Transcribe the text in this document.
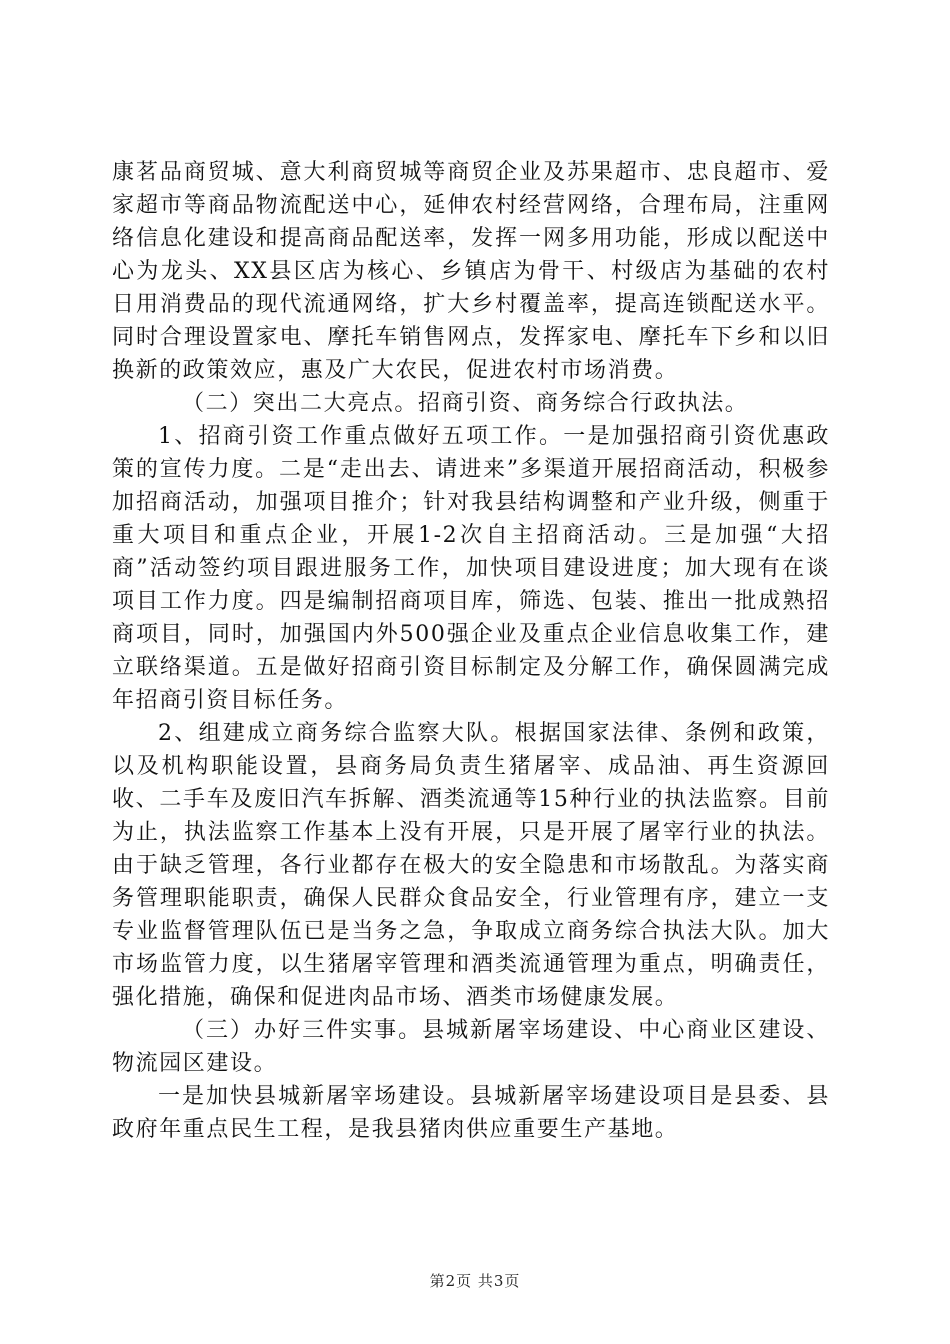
康茗品商贸城、意大利商贸城等商贸企业及苏果超市、忠良超市、爱家超市等商品物流配送中心，延伸农村经营网络，合理布局，注重网络信息化建设和提高商品配送率，发挥一网多用功能，形成以配送中心为龙头、XX县区店为核心、乡镇店为骨干、村级店为基础的农村日用消费品的现代流通网络，扩大乡村覆盖率，提高连锁配送水平。同时合理设置家电、摩托车销售网点，发挥家电、摩托车下乡和以旧换新的政策效应，惠及广大农民，促进农村市场消费。

（二）突出二大亮点。招商引资、商务综合行政执法。

1、招商引资工作重点做好五项工作。一是加强招商引资优惠政策的宣传力度。二是“走出去、请进来”多渠道开展招商活动，积极参加招商活动，加强项目推介；针对我县结构调整和产业升级，侧重于重大项目和重点企业，开展1-2次自主招商活动。三是加强“大招商”活动签约项目跟进服务工作，加快项目建设进度；加大现有在谈项目工作力度。四是编制招商项目库，筛选、包装、推出一批成熟招商项目，同时，加强国内外500强企业及重点企业信息收集工作，建立联络渠道。五是做好招商引资目标制定及分解工作，确保圆满完成年招商引资目标任务。

2、组建成立商务综合监察大队。根据国家法律、条例和政策，以及机构职能设置，县商务局负责生猪屠宰、成品油、再生资源回收、二手车及废旧汽车拆解、酒类流通等15种行业的执法监察。目前为止，执法监察工作基本上没有开展，只是开展了屠宰行业的执法。由于缺乏管理，各行业都存在极大的安全隐患和市场散乱。为落实商务管理职能职责，确保人民群众食品安全，行业管理有序，建立一支专业监督管理队伍已是当务之急，争取成立商务综合执法大队。加大市场监管力度，以生猪屠宰管理和酒类流通管理为重点，明确责任，强化措施，确保和促进肉品市场、酒类市场健康发展。

（三）办好三件实事。县城新屠宰场建设、中心商业区建设、物流园区建设。

一是加快县城新屠宰场建设。县城新屠宰场建设项目是县委、县政府年重点民生工程，是我县猪肉供应重要生产基地。

第2页 共3页
